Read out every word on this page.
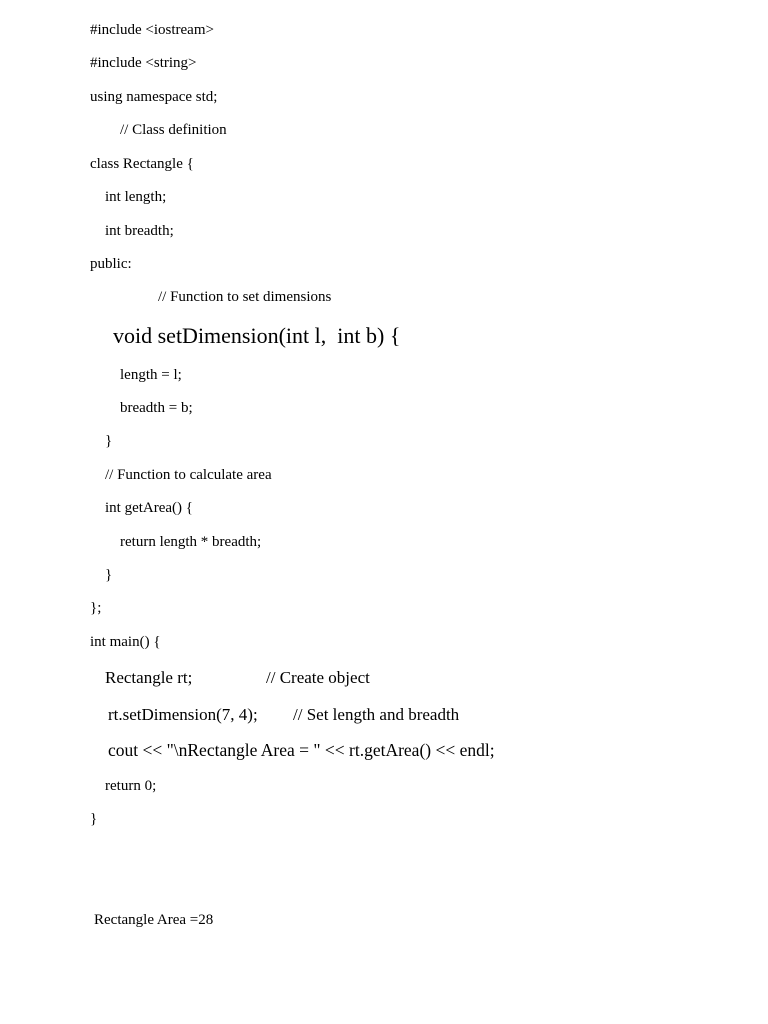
#include <iostream>
#include <string>
using namespace std;
// Class definition
class Rectangle {
int length;
int breadth;
public:
// Function to set dimensions
void setDimension(int l,  int b) {
length = l;
breadth = b;
}
// Function to calculate area
int getArea() {
return length * breadth;
}
};
int main() {
Rectangle rt;	// Create object
rt.setDimension(7, 4); // Set length and breadth
cout << "\nRectangle Area = " << rt.getArea() << endl;
return 0;
}
Rectangle Area =28
